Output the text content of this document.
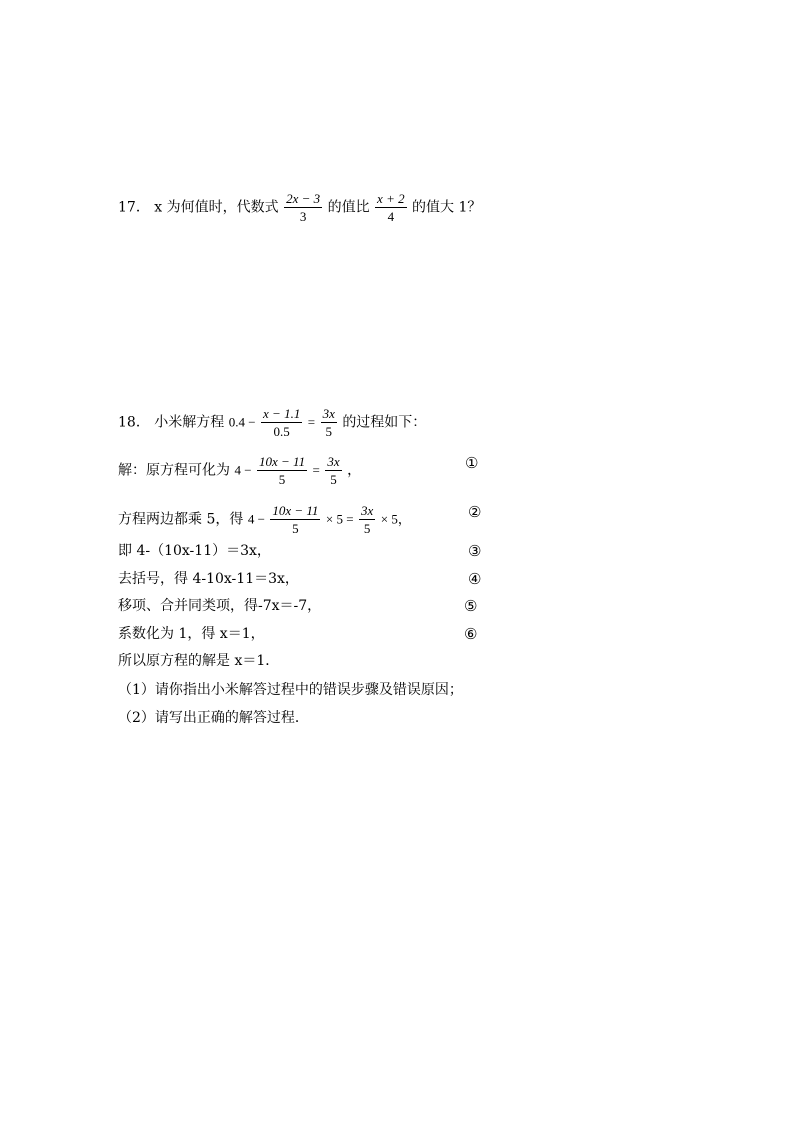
17． x 为何值时，代数式 $\frac{2x - 3}{3}$ 的值比 $\frac{x + 2}{4}$ 的值大 1？
18． 小米解方程 $0.4 - \frac{x - 1.1}{0.5} = \frac{3x}{5}$ 的过程如下：
解：原方程可化为 $4 - \frac{10x - 11}{5} = \frac{3x}{5}$ ，	①
方程两边都乘 5，得 $4 - \frac{10x - 11}{5} \times 5 = \frac{3x}{5} \times 5$，	②
即 4-（10x-11）＝3x，	③
去括号，得 4-10x-11＝3x，	④
移项、合并同类项，得-7x＝-7，	⑤
系数化为 1，得 x＝1，	⑥
所以原方程的解是 x＝1．
（1）请你指出小米解答过程中的错误步骤及错误原因；
（2）请写出正确的解答过程．
